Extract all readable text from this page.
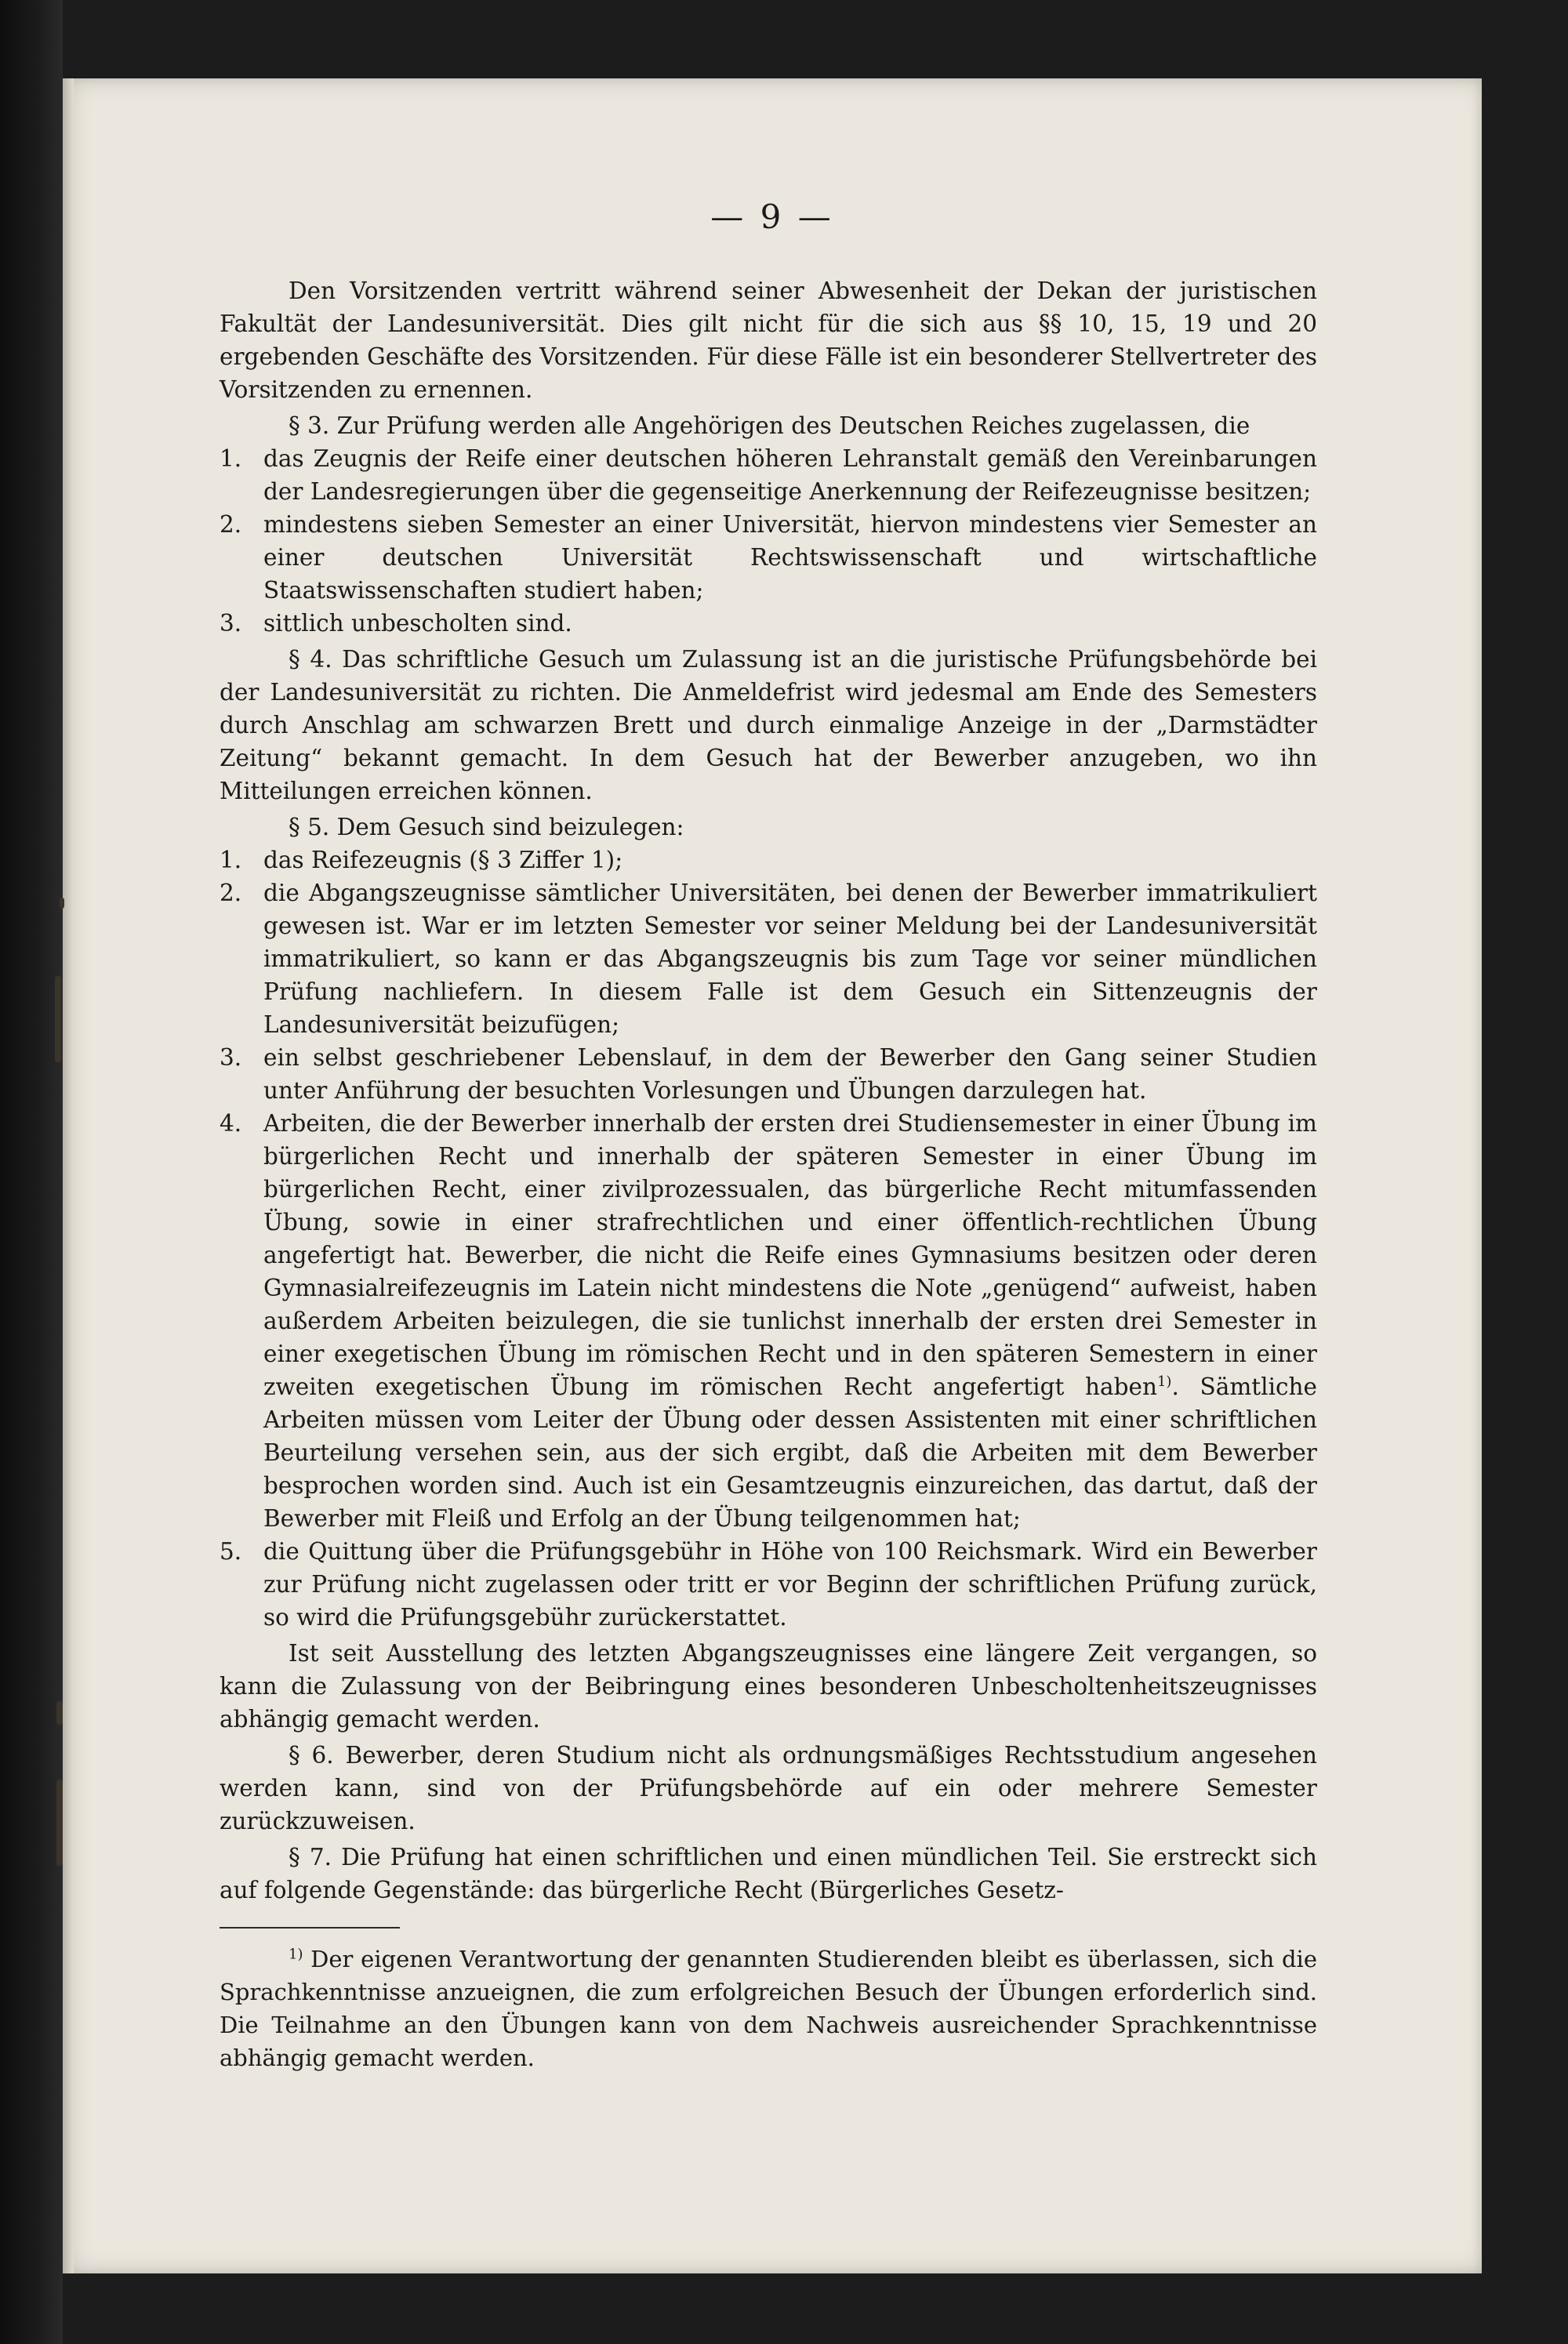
— 9 —

Den Vorsitzenden vertritt während seiner Abwesenheit der Dekan der juristischen Fakultät der Landesuniversität. Dies gilt nicht für die sich aus §§ 10, 15, 19 und 20 ergebenden Geschäfte des Vorsitzenden. Für diese Fälle ist ein besonderer Stellvertreter des Vorsitzenden zu ernennen.

§ 3. Zur Prüfung werden alle Angehörigen des Deutschen Reiches zugelassen, die

1. das Zeugnis der Reife einer deutschen höheren Lehranstalt gemäß den Vereinbarungen der Landesregierungen über die gegenseitige Anerkennung der Reifezeugnisse besitzen;
2. mindestens sieben Semester an einer Universität, hiervon mindestens vier Semester an einer deutschen Universität Rechtswissenschaft und wirtschaftliche Staatswissenschaften studiert haben;
3. sittlich unbescholten sind.

§ 4. Das schriftliche Gesuch um Zulassung ist an die juristische Prüfungsbehörde bei der Landesuniversität zu richten. Die Anmeldefrist wird jedesmal am Ende des Semesters durch Anschlag am schwarzen Brett und durch einmalige Anzeige in der „Darmstädter Zeitung“ bekannt gemacht. In dem Gesuch hat der Bewerber anzugeben, wo ihn Mitteilungen erreichen können.

§ 5. Dem Gesuch sind beizulegen:

1. das Reifezeugnis (§ 3 Ziffer 1);
2. die Abgangszeugnisse sämtlicher Universitäten, bei denen der Bewerber immatrikuliert gewesen ist. War er im letzten Semester vor seiner Meldung bei der Landesuniversität immatrikuliert, so kann er das Abgangszeugnis bis zum Tage vor seiner mündlichen Prüfung nachliefern. In diesem Falle ist dem Gesuch ein Sittenzeugnis der Landesuniversität beizufügen;
3. ein selbst geschriebener Lebenslauf, in dem der Bewerber den Gang seiner Studien unter Anführung der besuchten Vorlesungen und Übungen darzulegen hat.
4. Arbeiten, die der Bewerber innerhalb der ersten drei Studiensemester in einer Übung im bürgerlichen Recht und innerhalb der späteren Semester in einer Übung im bürgerlichen Recht, einer zivilprozessualen, das bürgerliche Recht mitumfassenden Übung, sowie in einer strafrechtlichen und einer öffentlich-rechtlichen Übung angefertigt hat. Bewerber, die nicht die Reife eines Gymnasiums besitzen oder deren Gymnasialreifezeugnis im Latein nicht mindestens die Note „genügend“ aufweist, haben außerdem Arbeiten beizulegen, die sie tunlichst innerhalb der ersten drei Semester in einer exegetischen Übung im römischen Recht und in den späteren Semestern in einer zweiten exegetischen Übung im römischen Recht angefertigt haben$^{1)}$. Sämtliche Arbeiten müssen vom Leiter der Übung oder dessen Assistenten mit einer schriftlichen Beurteilung versehen sein, aus der sich ergibt, daß die Arbeiten mit dem Bewerber besprochen worden sind. Auch ist ein Gesamtzeugnis einzureichen, das dartut, daß der Bewerber mit Fleiß und Erfolg an der Übung teilgenommen hat;
5. die Quittung über die Prüfungsgebühr in Höhe von 100 Reichsmark. Wird ein Bewerber zur Prüfung nicht zugelassen oder tritt er vor Beginn der schriftlichen Prüfung zurück, so wird die Prüfungsgebühr zurückerstattet.

Ist seit Ausstellung des letzten Abgangszeugnisses eine längere Zeit vergangen, so kann die Zulassung von der Beibringung eines besonderen Unbescholtenheitszeugnisses abhängig gemacht werden.

§ 6. Bewerber, deren Studium nicht als ordnungsmäßiges Rechtsstudium angesehen werden kann, sind von der Prüfungsbehörde auf ein oder mehrere Semester zurückzuweisen.

§ 7. Die Prüfung hat einen schriftlichen und einen mündlichen Teil. Sie erstreckt sich auf folgende Gegenstände: das bürgerliche Recht (Bürgerliches Gesetz-

$^{1)}$ Der eigenen Verantwortung der genannten Studierenden bleibt es überlassen, sich die Sprachkenntnisse anzueignen, die zum erfolgreichen Besuch der Übungen erforderlich sind. Die Teilnahme an den Übungen kann von dem Nachweis ausreichender Sprachkenntnisse abhängig gemacht werden.
